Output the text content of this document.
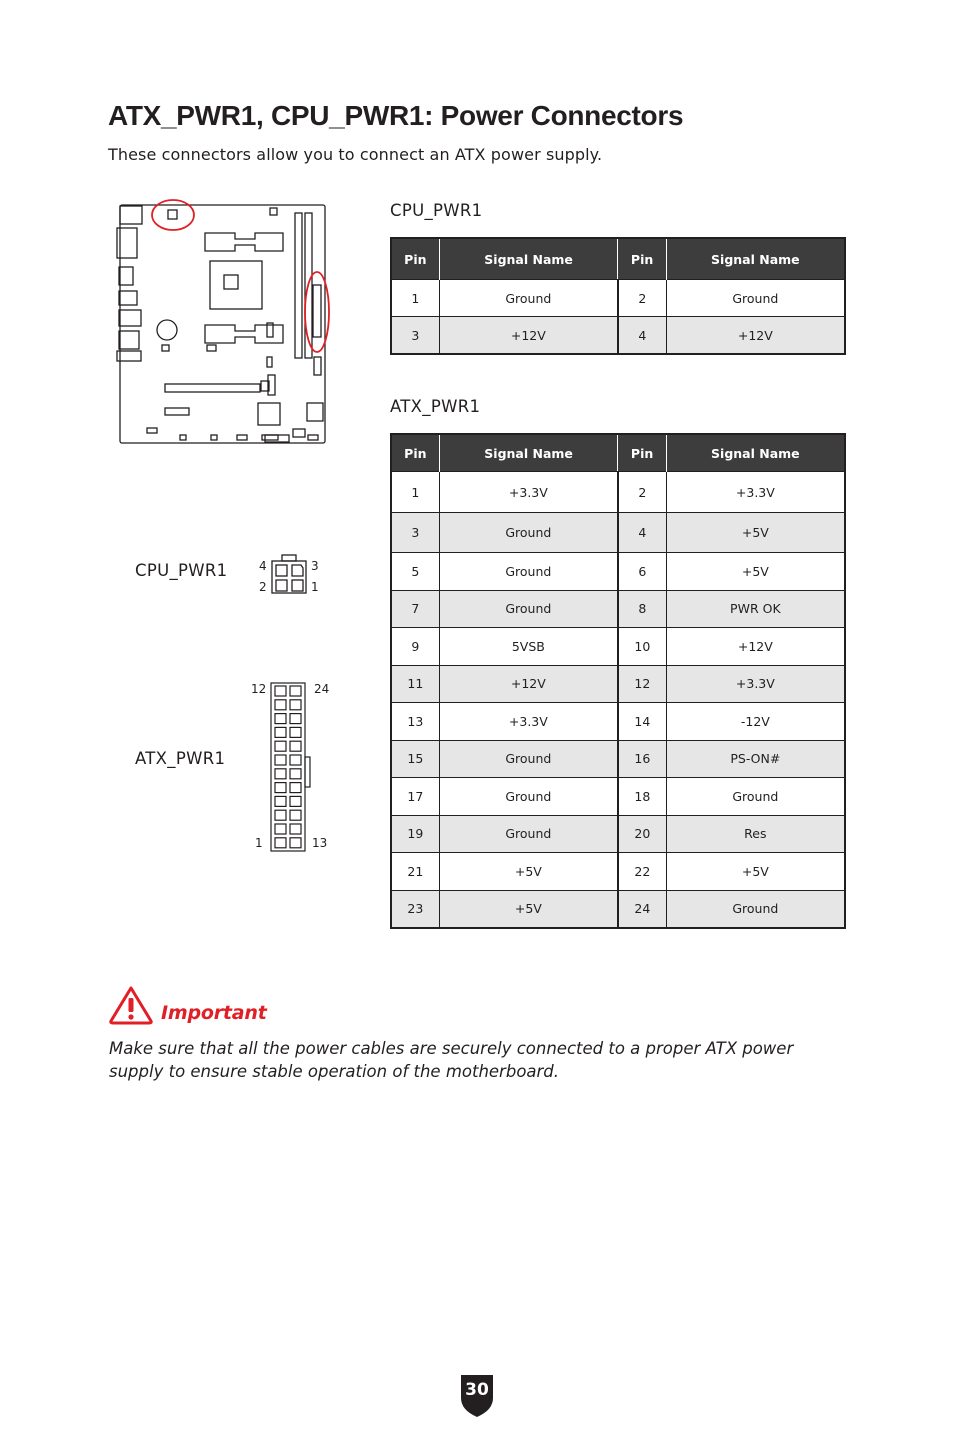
ATX_PWR1, CPU_PWR1: Power Connectors

These connectors allow you to connect an ATX power supply.

CPU_PWR1	4	3
2	1
ATX_PWR1
12	24
1	13
CPU_PWR1
Pin	Signal Name	Pin	Signal Name
1	Ground	2	Ground
3	+12V	4	+12V
ATX_PWR1
Pin	Signal Name	Pin	Signal Name
1	+3.3V	2	+3.3V
3	Ground	4	+5V
5	Ground	6	+5V
7	Ground	8	PWR OK
9	5VSB	10	+12V
11	+12V	12	+3.3V
13	+3.3V	14	-12V
15	Ground	16	PS-ON#
17	Ground	18	Ground
19	Ground	20	Res
21	+5V	22	+5V
23	+5V	24	Ground
Important

Make sure that all the power cables are securely connected to a proper ATX power supply to ensure stable operation of the motherboard.

30
